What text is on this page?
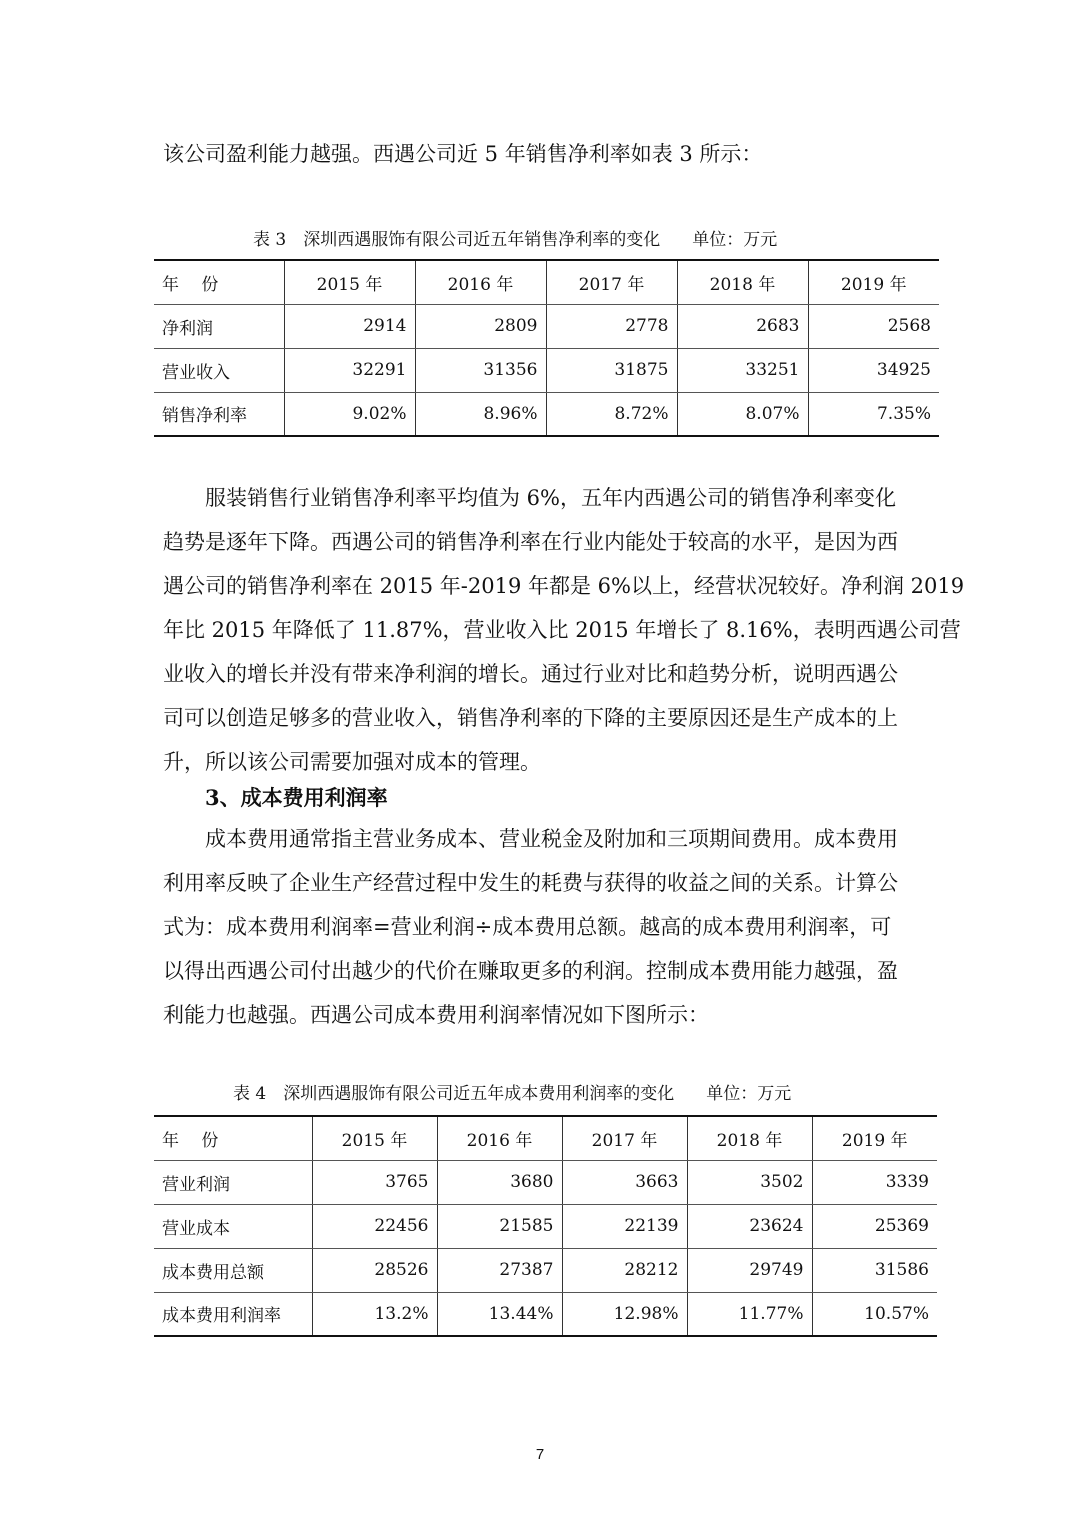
该公司盈利能力越强。西遇公司近 5 年销售净利率如表 3 所示：
表 3　深圳西遇服饰有限公司近五年销售净利率的变化 单位：万元
年　 份	2015 年	2016 年	2017 年	2018 年	2019 年
净利润	2914	2809	2778	2683	2568
营业收入	32291	31356	31875	33251	34925
销售净利率	9.02%	8.96%	8.72%	8.07%	7.35%
服装销售行业销售净利率平均值为 6%，五年内西遇公司的销售净利率变化
趋势是逐年下降。西遇公司的销售净利率在行业内能处于较高的水平，是因为西
遇公司的销售净利率在 2015 年-2019 年都是 6%以上，经营状况较好。净利润 2019
年比 2015 年降低了 11.87%，营业收入比 2015 年增长了 8.16%，表明西遇公司营
业收入的增长并没有带来净利润的增长。通过行业对比和趋势分析，说明西遇公
司可以创造足够多的营业收入，销售净利率的下降的主要原因还是生产成本的上
升，所以该公司需要加强对成本的管理。
3、成本费用利润率
成本费用通常指主营业务成本、营业税金及附加和三项期间费用。成本费用
利用率反映了企业生产经营过程中发生的耗费与获得的收益之间的关系。计算公
式为：成本费用利润率=营业利润÷成本费用总额。越高的成本费用利润率，可
以得出西遇公司付出越少的代价在赚取更多的利润。控制成本费用能力越强，盈
利能力也越强。西遇公司成本费用利润率情况如下图所示：
表 4　深圳西遇服饰有限公司近五年成本费用利润率的变化 单位：万元
年　 份	2015 年	2016 年	2017 年	2018 年	2019 年
营业利润	3765	3680	3663	3502	3339
营业成本	22456	21585	22139	23624	25369
成本费用总额	28526	27387	28212	29749	31586
成本费用利润率	13.2%	13.44%	12.98%	11.77%	10.57%
7
